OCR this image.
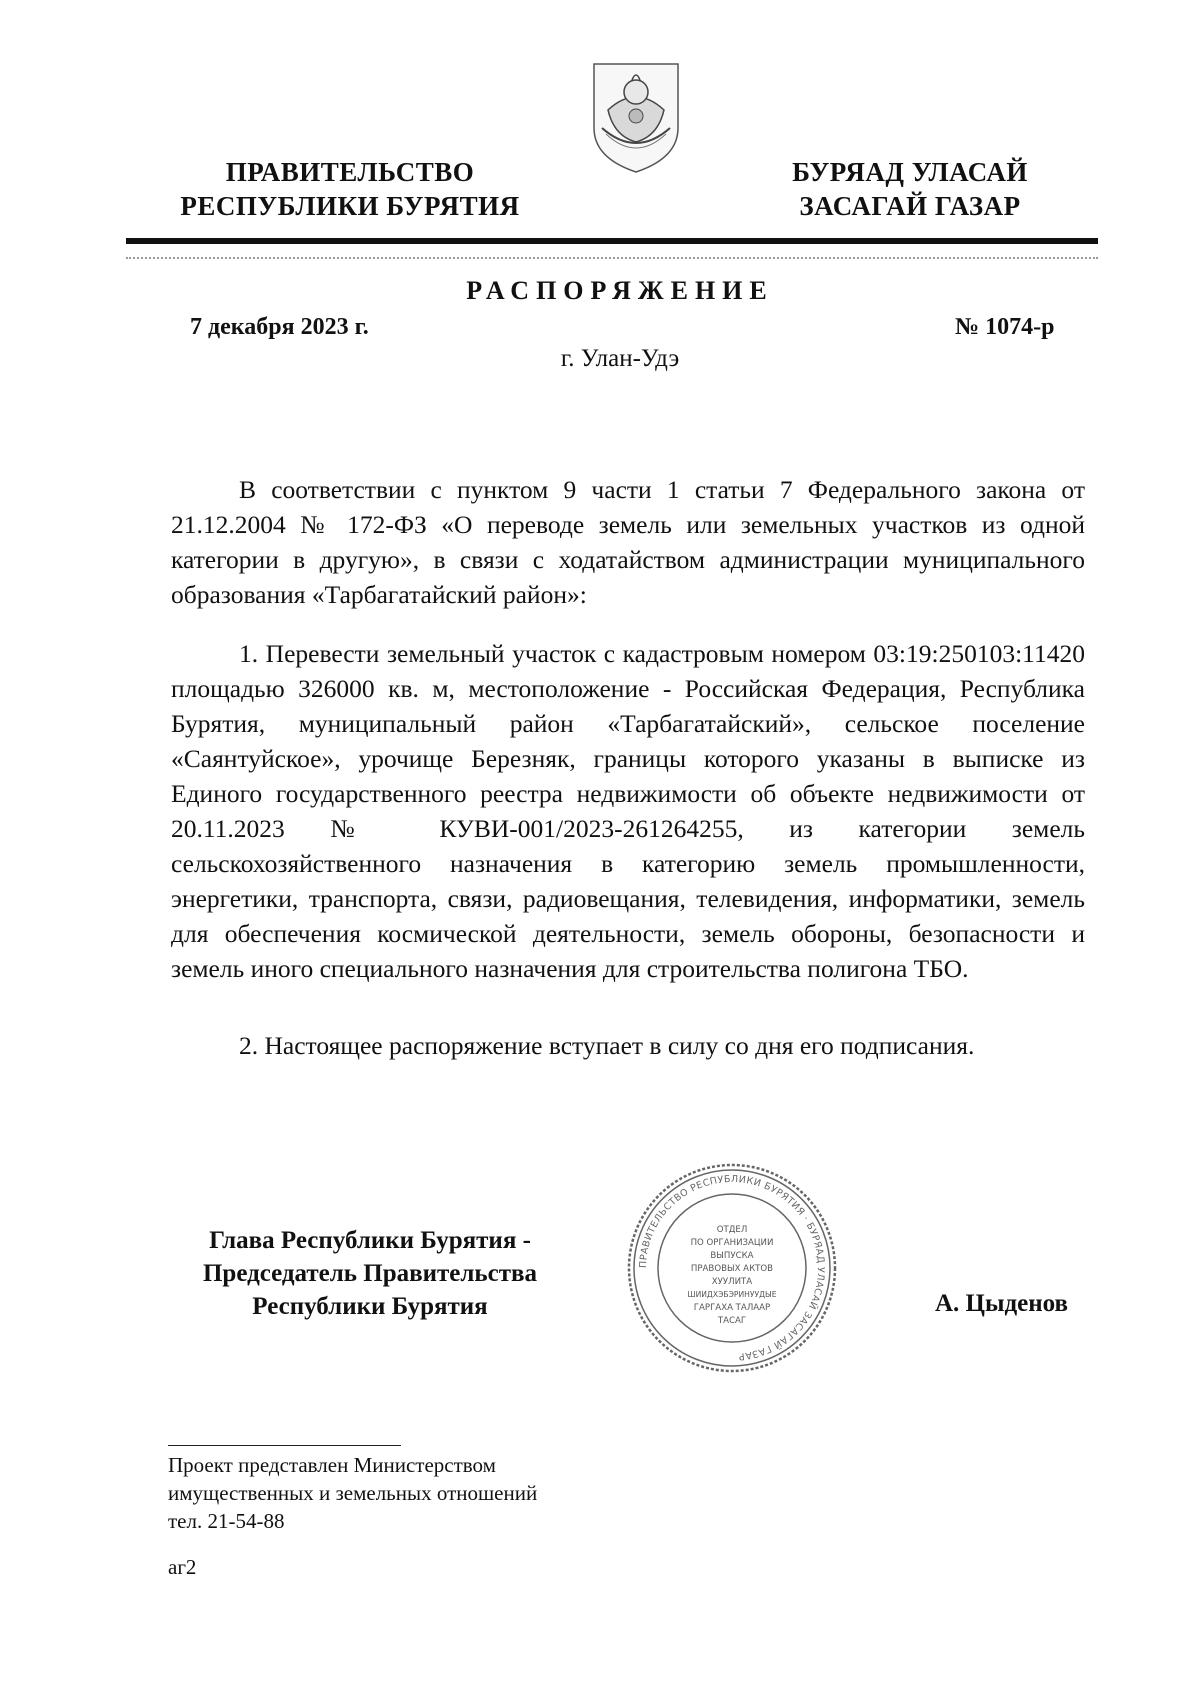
ПРАВИТЕЛЬСТВО
РЕСПУБЛИКИ БУРЯТИЯ
БУРЯАД УЛАСАЙ
ЗАСАГАЙ ГАЗАР
РАСПОРЯЖЕНИЕ
7 декабря 2023 г.	№ 1074-р
г. Улан-Удэ
В соответствии с пунктом 9 части 1 статьи 7 Федерального закона от 21.12.2004 № 172-ФЗ «О переводе земель или земельных участков из одной категории в другую», в связи с ходатайством администрации муниципального образования «Тарбагатайский район»:
1. Перевести земельный участок с кадастровым номером 03:19:250103:11420 площадью 326000 кв. м, местоположение - Российская Федерация, Республика Бурятия, муниципальный район «Тарбагатайский», сельское поселение «Саянтуйское», урочище Березняк, границы которого указаны в выписке из Единого государственного реестра недвижимости об объекте недвижимости от 20.11.2023 № КУВИ-001/2023-261264255, из категории земель сельскохозяйственного назначения в категорию земель промышленности, энергетики, транспорта, связи, радиовещания, телевидения, информатики, земель для обеспечения космической деятельности, земель обороны, безопасности и земель иного специального назначения для строительства полигона ТБО.
2. Настоящее распоряжение вступает в силу со дня его подписания.
Глава Республики Бурятия -
Председатель Правительства
Республики Бурятия	А. Цыденов
ПРАВИТЕЛЬСТВО РЕСПУБЛИКИ БУРЯТИЯ · БУРЯАД УЛАСАЙ ЗАСАГАЙ ГАЗАР
ОТДЕЛ
ПО ОРГАНИЗАЦИИ
ВЫПУСКА
ПРАВОВЫХ АКТОВ
ХУУЛИТА
ШИИДХЭБЭРИНУУДЫЕ
ГАРГАХА ТАЛААР
ТАСАГ
Проект представлен Министерством
имущественных и земельных отношений
тел. 21-54-88
аг2
